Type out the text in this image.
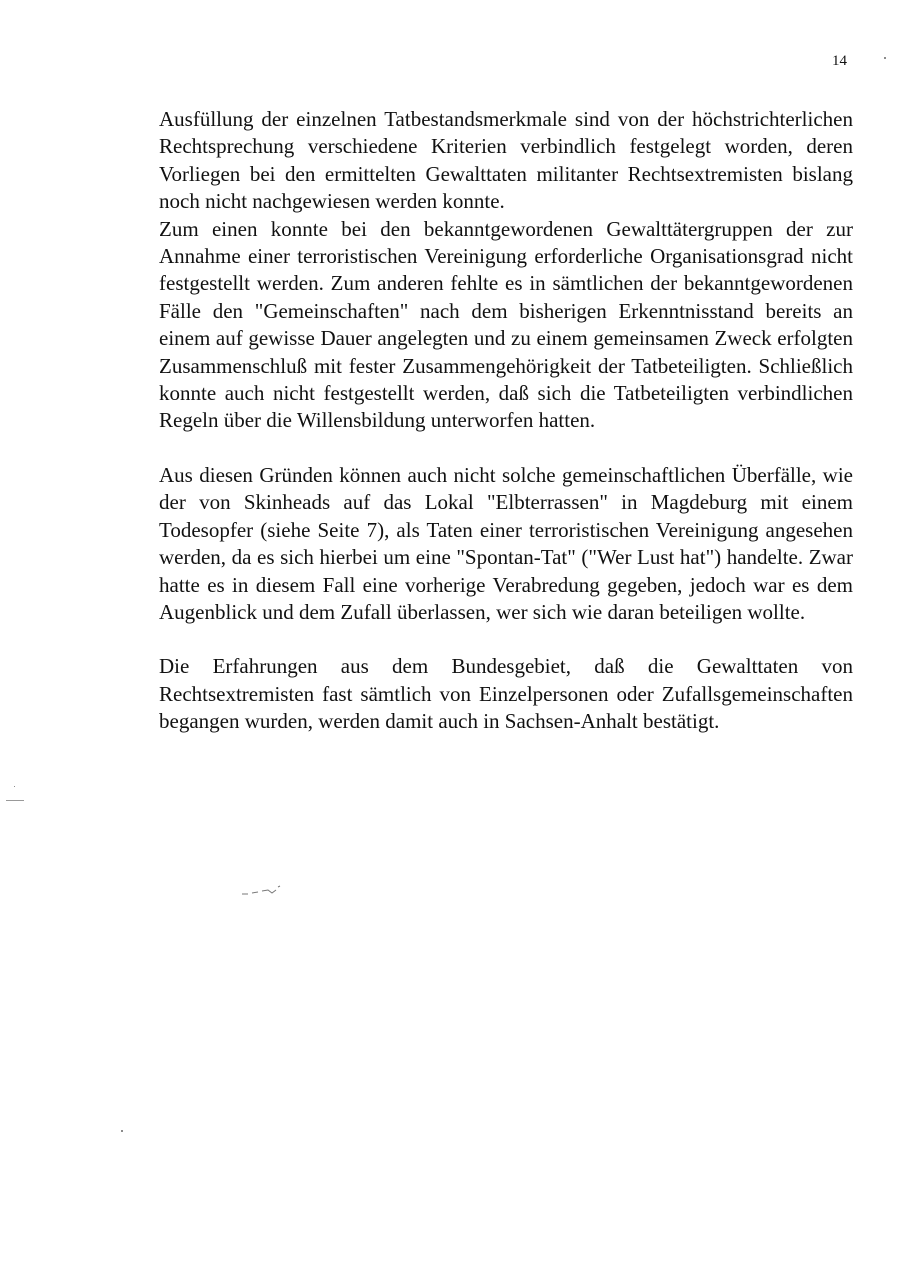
14

Ausfüllung der einzelnen Tatbestandsmerkmale sind von der höchstrichterlichen Rechtsprechung verschiedene Kriterien verbindlich festgelegt worden, deren Vorliegen bei den ermittelten Gewalttaten militanter Rechtsextremisten bislang noch nicht nachgewiesen werden konnte.

Zum einen konnte bei den bekanntgewordenen Gewalttätergruppen der zur Annahme einer terroristischen Vereinigung erforderliche Organisationsgrad nicht festgestellt werden. Zum anderen fehlte es in sämtlichen der bekanntgewordenen Fälle den "Gemeinschaften" nach dem bisherigen Erkenntnisstand bereits an einem auf gewisse Dauer angelegten und zu einem gemeinsamen Zweck erfolgten Zusammenschluß mit fester Zusammengehörigkeit der Tatbeteiligten. Schließlich konnte auch nicht festgestellt werden, daß sich die Tatbeteiligten verbindlichen Regeln über die Willensbildung unterworfen hatten.

Aus diesen Gründen können auch nicht solche gemeinschaftlichen Überfälle, wie der von Skinheads auf das Lokal "Elbterrassen" in Magdeburg mit einem Todesopfer (siehe Seite 7), als Taten einer terroristischen Vereinigung angesehen werden, da es sich hierbei um eine "Spontan-Tat" ("Wer Lust hat") handelte. Zwar hatte es in diesem Fall eine vorherige Verabredung gegeben, jedoch war es dem Augenblick und dem Zufall überlassen, wer sich wie daran beteiligen wollte.

Die Erfahrungen aus dem Bundesgebiet, daß die Gewalttaten von Rechtsextremisten fast sämtlich von Einzelpersonen oder Zufallsgemeinschaften begangen wurden, werden damit auch in Sachsen-Anhalt bestätigt.
